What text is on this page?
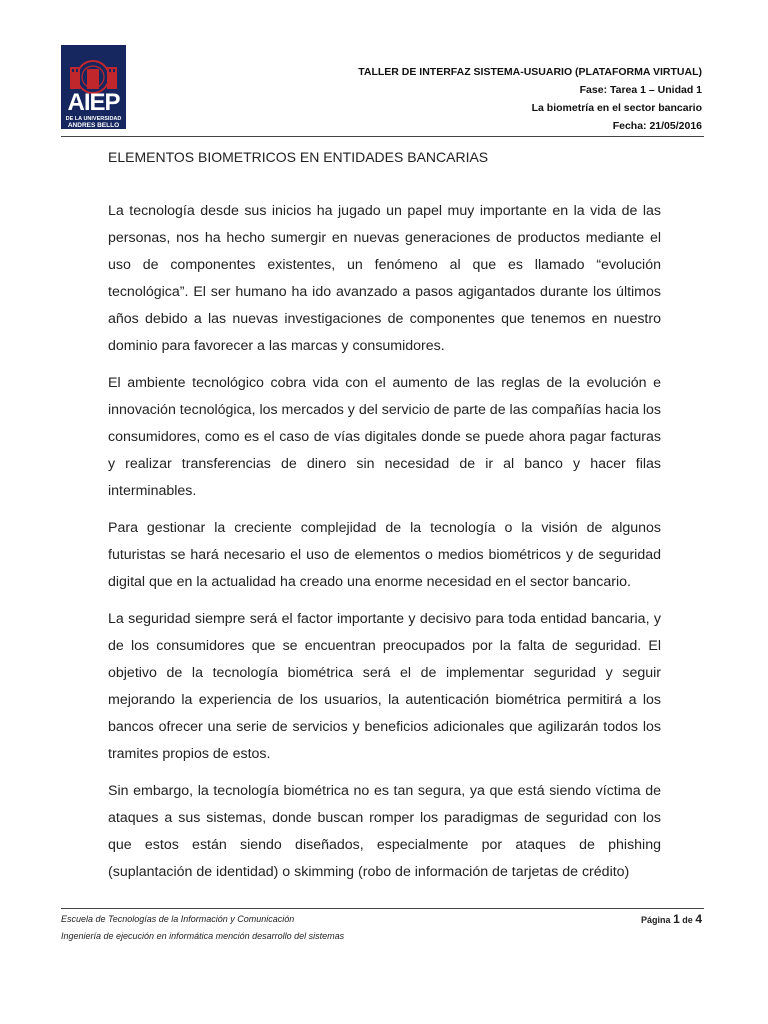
AIEP
DE LA UNIVERSIDAD
ANDRES BELLO
TALLER DE INTERFAZ SISTEMA-USUARIO (PLATAFORMA VIRTUAL)
Fase: Tarea 1 – Unidad 1
La biometría en el sector bancario
Fecha: 21/05/2016
ELEMENTOS BIOMETRICOS EN ENTIDADES BANCARIAS

La tecnología desde sus inicios ha jugado un papel muy importante en la vida de las personas, nos ha hecho sumergir en nuevas generaciones de productos mediante el uso de componentes existentes, un fenómeno al que es llamado “evolución tecnológica”. El ser humano ha ido avanzado a pasos agigantados durante los últimos años debido a las nuevas investigaciones de componentes que tenemos en nuestro dominio para favorecer a las marcas y consumidores.

El ambiente tecnológico cobra vida con el aumento de las reglas de la evolución e innovación tecnológica, los mercados y del servicio de parte de las compañías hacia los consumidores, como es el caso de vías digitales donde se puede ahora pagar facturas y realizar transferencias de dinero sin necesidad de ir al banco y hacer filas interminables.

Para gestionar la creciente complejidad de la tecnología o la visión de algunos futuristas se hará necesario el uso de elementos o medios biométricos y de seguridad digital que en la actualidad ha creado una enorme necesidad en el sector bancario.

La seguridad siempre será el factor importante y decisivo para toda entidad bancaria, y de los consumidores que se encuentran preocupados por la falta de seguridad. El objetivo de la tecnología biométrica será el de implementar seguridad y seguir mejorando la experiencia de los usuarios, la autenticación biométrica permitirá a los bancos ofrecer una serie de servicios y beneficios adicionales que agilizarán todos los tramites propios de estos.

Sin embargo, la tecnología biométrica no es tan segura, ya que está siendo víctima de ataques a sus sistemas, donde buscan romper los paradigmas de seguridad con los que estos están siendo diseñados, especialmente por ataques de phishing (suplantación de identidad) o skimming (robo de información de tarjetas de crédito)

Escuela de Tecnologías de la Información y Comunicación
Ingeniería de ejecución en informática mención desarrollo del sistemas
Página 1 de 4
